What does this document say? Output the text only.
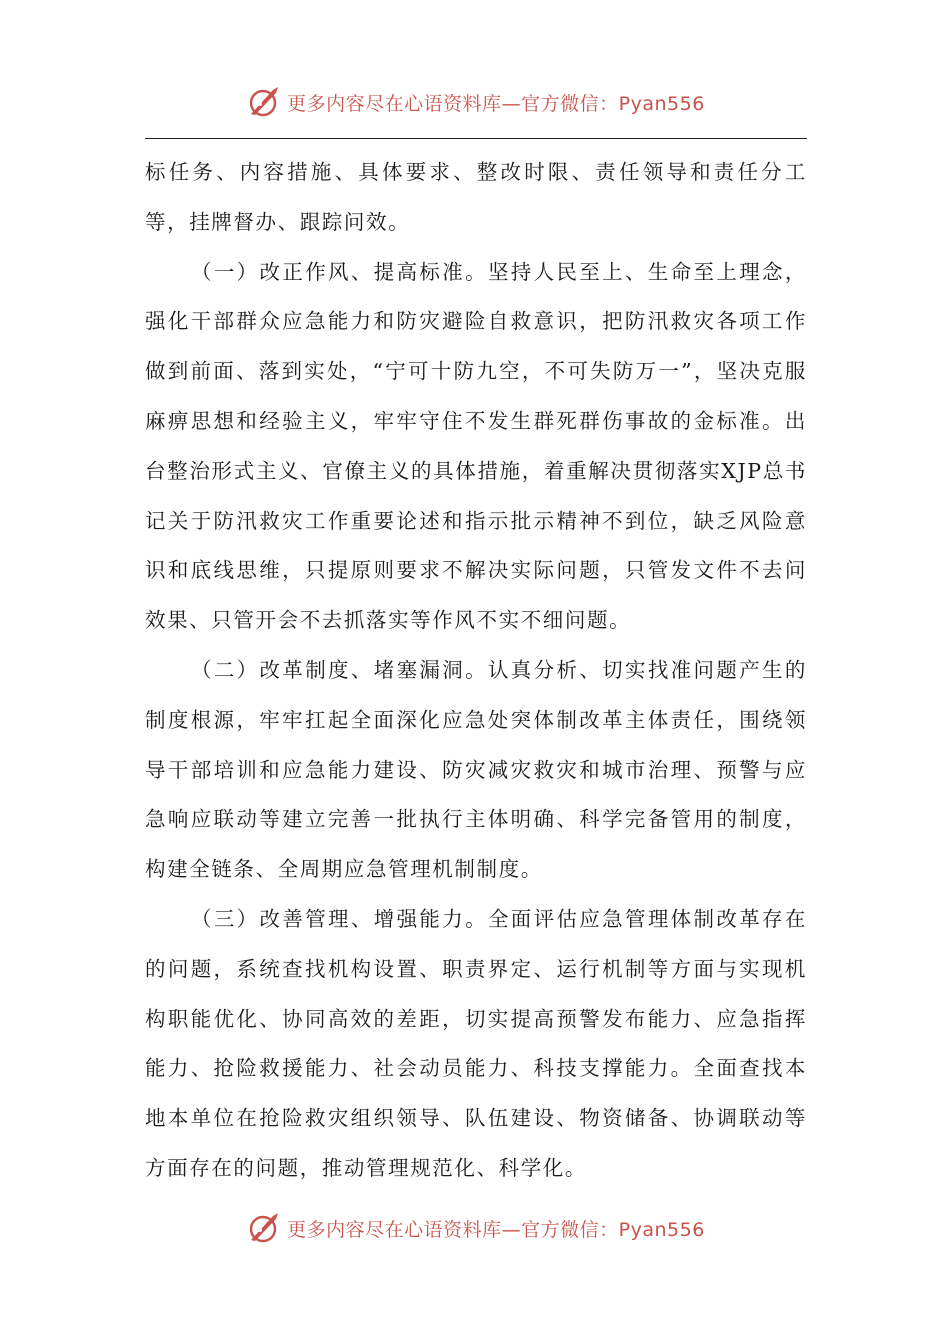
更多内容尽在心语资料库—官方微信：Pyan556

标任务、内容措施、具体要求、整改时限、责任领导和责任分工等，挂牌督办、跟踪问效。

（一）改正作风、提高标准。坚持人民至上、生命至上理念，强化干部群众应急能力和防灾避险自救意识，把防汛救灾各项工作做到前面、落到实处，“宁可十防九空，不可失防万一”，坚决克服麻痹思想和经验主义，牢牢守住不发生群死群伤事故的金标准。出台整治形式主义、官僚主义的具体措施，着重解决贯彻落实XJP总书记关于防汛救灾工作重要论述和指示批示精神不到位，缺乏风险意识和底线思维，只提原则要求不解决实际问题，只管发文件不去问效果、只管开会不去抓落实等作风不实不细问题。

（二）改革制度、堵塞漏洞。认真分析、切实找准问题产生的制度根源，牢牢扛起全面深化应急处突体制改革主体责任，围绕领导干部培训和应急能力建设、防灾减灾救灾和城市治理、预警与应急响应联动等建立完善一批执行主体明确、科学完备管用的制度，构建全链条、全周期应急管理机制制度。

（三）改善管理、增强能力。全面评估应急管理体制改革存在的问题，系统查找机构设置、职责界定、运行机制等方面与实现机构职能优化、协同高效的差距，切实提高预警发布能力、应急指挥能力、抢险救援能力、社会动员能力、科技支撑能力。全面查找本地本单位在抢险救灾组织领导、队伍建设、物资储备、协调联动等方面存在的问题，推动管理规范化、科学化。

更多内容尽在心语资料库—官方微信：Pyan556
